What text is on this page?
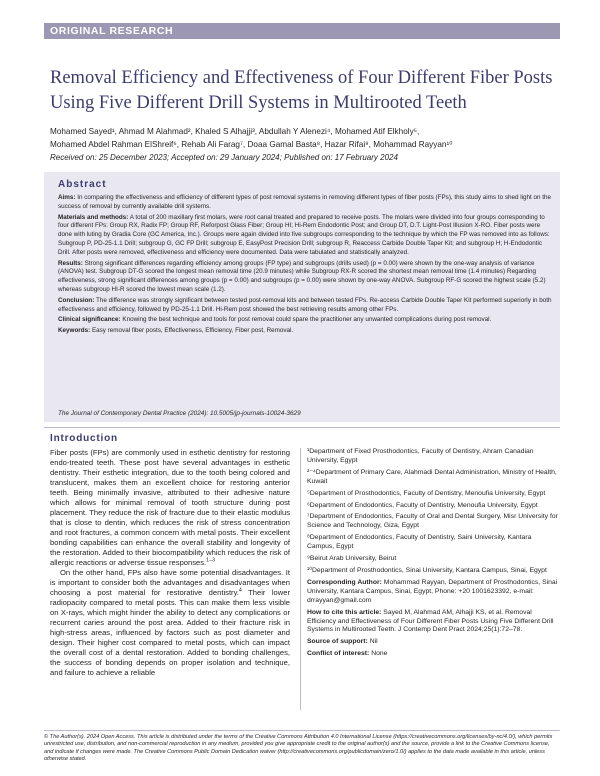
ORIGINAL RESEARCH
Removal Efficiency and Effectiveness of Four Different Fiber Posts Using Five Different Drill Systems in Multirooted Teeth
Mohamed Sayed¹, Ahmad M Alahmad², Khaled S Alhajji³, Abdullah Y Alenezi⁴, Mohamed Atif Elkholy⁵,
Mohamed Abdel Rahman ElShreif⁶, Rehab Ali Farag⁷, Doaa Gamal Basta⁸, Hazar Rifai⁹, Mohammad Rayyan¹⁰
Received on: 25 December 2023; Accepted on: 29 January 2024; Published on: 17 February 2024
Abstract

Aims: In comparing the effectiveness and efficiency of different types of post removal systems in removing different types of fiber posts (FPs), this study aims to shed light on the success of removal by currently available drill systems.

Materials and methods: A total of 200 maxillary first molars, were root canal treated and prepared to receive posts. The molars were divided into four groups corresponding to four different FPs: Group RX, Radix FP; Group RF, Reforpost Glass Fiber; Group HI; Hi-Rem Endodontic Post; and Group DT, D.T. Light-Post Illusion X-RO. Fiber posts were done with luting by Gradia Core (GC America, Inc.). Groups were again divided into five subgroups corresponding to the technique by which the FP was removed into as follows: Subgroup P, PD-25-1.1 Drill; subgroup G, GC FP Drill; subgroup E, EasyPost Precision Drill; subgroup R, Reaccess Carbide Double Taper Kit; and subgroup H; H-Endodontic Drill. After posts were removed, effectiveness and efficiency were documented. Data were tabulated and statistically analyzed.

Results: Strong significant differences regarding efficiency among groups (FP type) and subgroups (drills used) (p = 0.00) were shown by the one-way analysis of variance (ANOVA) test. Subgroup DT-G scored the longest mean removal time (20.9 minutes) while Subgroup RX-R scored the shortest mean removal time (1.4 minutes) Regarding effectiveness, strong significant differences among groups (p = 0.00) and subgroups (p = 0.00) were shown by one-way ANOVA. Subgroup RF-G scored the highest scale (5.2) whereas subgroup HI-R scored the lowest mean scale (1.2).

Conclusion: The difference was strongly significant between tested post-removal kits and between tested FPs. Re-access Carbide Double Taper Kit performed superiorly in both effectiveness and efficiency, followed by PD-25-1.1 Drill. Hi-Rem post showed the best retrieving results among other FPs.

Clinical significance: Knowing the best technique and tools for post removal could spare the practitioner any unwanted complications during post removal.

Keywords: Easy removal fiber posts, Effectiveness, Efficiency, Fiber post, Removal.

The Journal of Contemporary Dental Practice (2024): 10.5005/jp-journals-10024-3629
Introduction

Fiber posts (FPs) are commonly used in esthetic dentistry for restoring endo-treated teeth. These post have several advantages in esthetic dentistry. Their esthetic integration, due to the tooth being colored and translucent, makes them an excellent choice for restoring anterior teeth. Being minimally invasive, attributed to their adhesive nature which allows for minimal removal of tooth structure during post placement. They reduce the risk of fracture due to their elastic modulus that is close to dentin, which reduces the risk of stress concentration and root fractures, a common concern with metal posts. Their excellent bonding capabilities can enhance the overall stability and longevity of the restoration. Added to their biocompatibility which reduces the risk of allergic reactions or adverse tissue responses.$^{1-3}$

On the other hand, FPs also have some potential disadvantages. It is important to consider both the advantages and disadvantages when choosing a post material for restorative dentistry.$^4$ Their lower radiopacity compared to metal posts. This can make them less visible on X-rays, which might hinder the ability to detect any complications or recurrent caries around the post area. Added to their fracture risk in high-stress areas, influenced by factors such as post diameter and design. Their higher cost compared to metal posts, which can impact the overall cost of a dental restoration. Added to bonding challenges, the success of bonding depends on proper isolation and technique, and failure to achieve a reliable

¹Department of Fixed Prosthodontics, Faculty of Dentistry, Ahram Canadian University, Egypt

²⁻⁴Department of Primary Care, Alahmadi Dental Administration, Ministry of Health, Kuwait

⁵Department of Prosthodontics, Faculty of Dentistry, Menoufia University, Egypt

⁶Department of Endodontics, Faculty of Dentistry, Menoufia University, Egypt

⁷Department of Endodontics, Faculty of Oral and Dental Surgery, Misr University for Science and Technology, Giza, Egypt

⁸Department of Endodontics, Faculty of Dentistry, Saini University, Kantara Campus, Egypt

⁹Beirut Arab University, Beirut

¹⁰Department of Prosthodontics, Sinai University, Kantara Campus, Sinai, Egypt

Corresponding Author: Mohammad Rayyan, Department of Prosthodontics, Sinai University, Kantara Campus, Sinai, Egypt, Phone: +20 1001623392, e-mail: drrayyan@gmail.com

How to cite this article: Sayed M, Alahmad AM, Alhajji KS, et al. Removal Efficiency and Effectiveness of Four Different Fiber Posts Using Five Different Drill Systems in Multirooted Teeth. J Contemp Dent Pract 2024;25(1):72–78.

Source of support: Nil

Conflict of interest: None

© The Author(s). 2024 Open Access. This article is distributed under the terms of the Creative Commons Attribution 4.0 International License (https://creativecommons.org/licenses/by-nc/4.0/), which permits unrestricted use, distribution, and non-commercial reproduction in any medium, provided you give appropriate credit to the original author(s) and the source, provide a link to the Creative Commons license, and indicate if changes were made. The Creative Commons Public Domain Dedication waiver (http://creativecommons.org/publicdomain/zero/1.0/) applies to the data made available in this article, unless otherwise stated.
